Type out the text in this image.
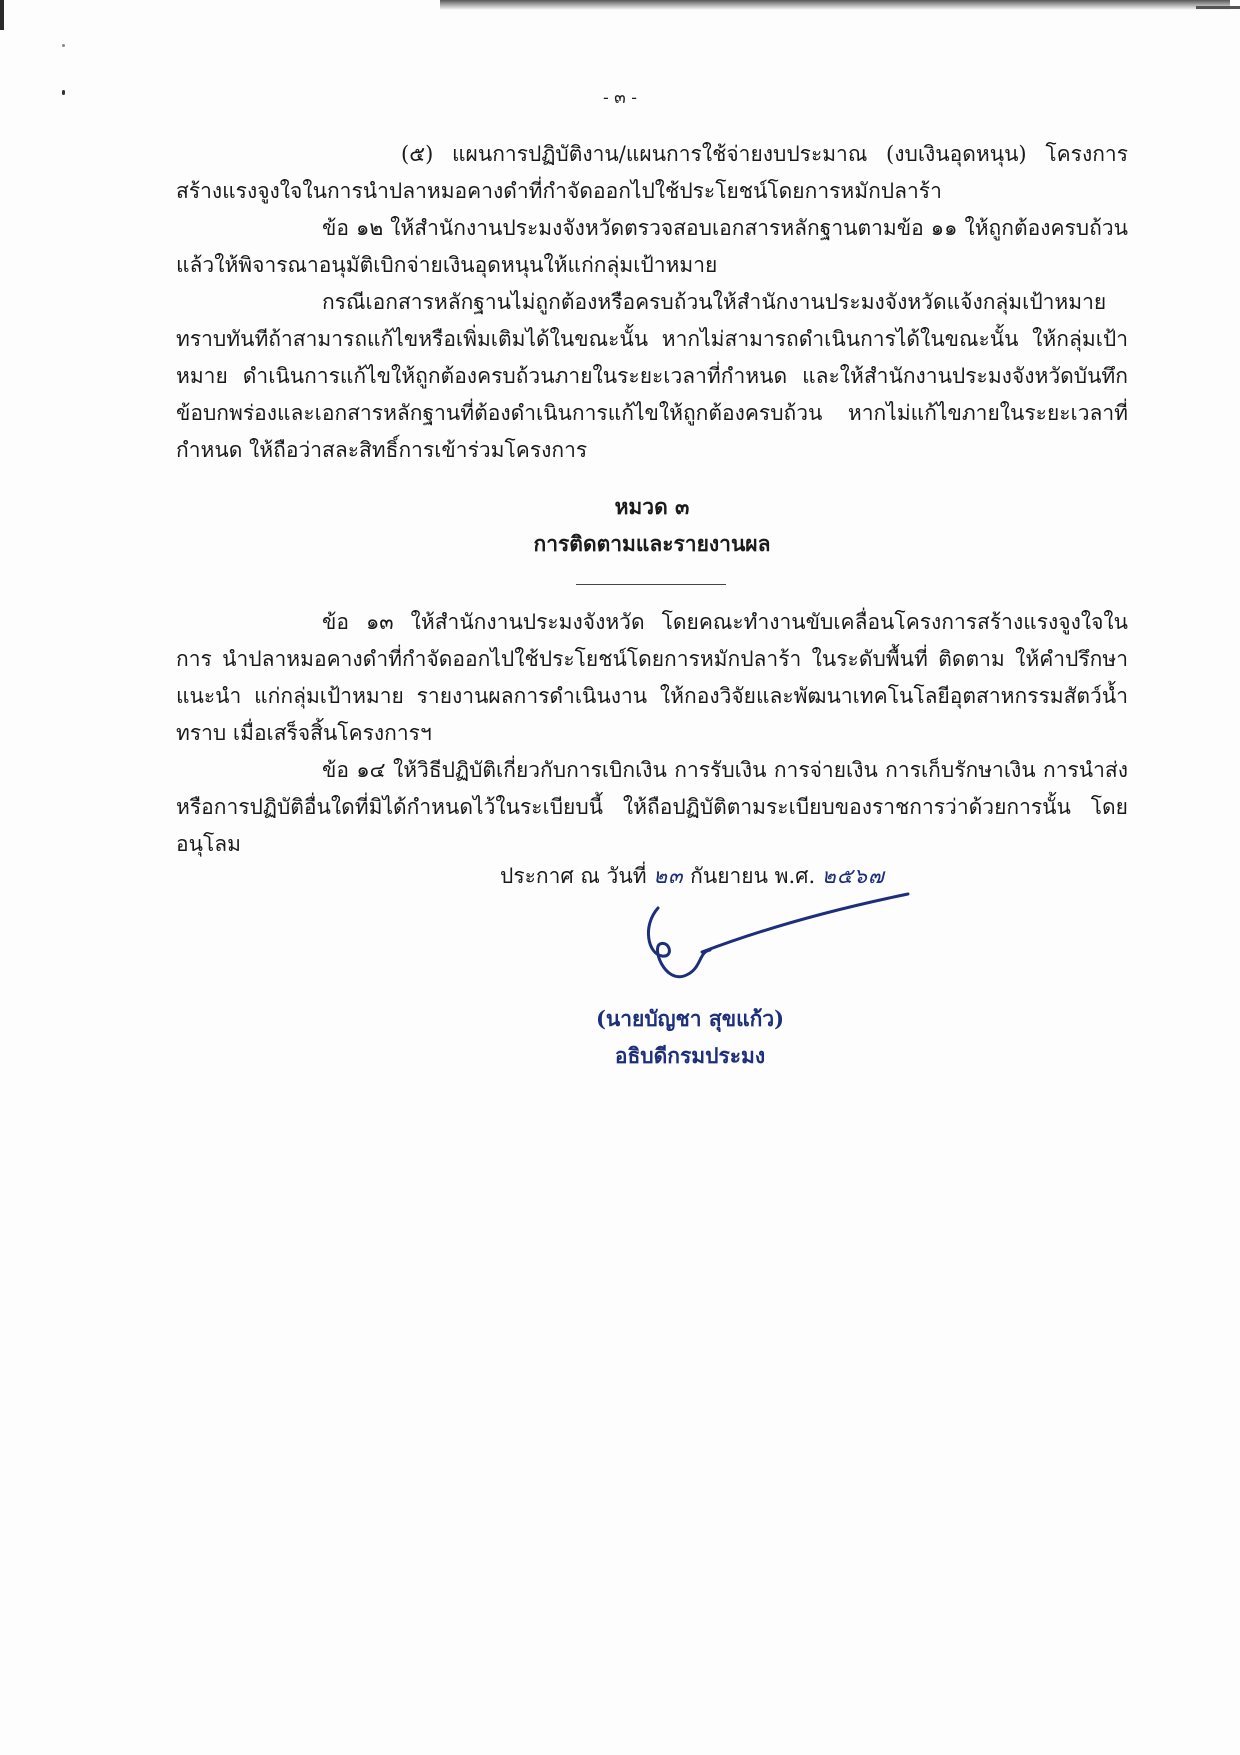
- ๓ -

(๕) แผนการปฏิบัติงาน/แผนการใช้จ่ายงบประมาณ (งบเงินอุดหนุน) โครงการสร้างแรงจูงใจในการนำปลาหมอคางดำที่กำจัดออกไปใช้ประโยชน์โดยการหมักปลาร้า

ข้อ ๑๒ ให้สำนักงานประมงจังหวัดตรวจสอบเอกสารหลักฐานตามข้อ ๑๑ ให้ถูกต้องครบถ้วน แล้วให้พิจารณาอนุมัติเบิกจ่ายเงินอุดหนุนให้แก่กลุ่มเป้าหมาย

กรณีเอกสารหลักฐานไม่ถูกต้องหรือครบถ้วนให้สำนักงานประมงจังหวัดแจ้งกลุ่มเป้าหมาย ทราบทันทีถ้าสามารถแก้ไขหรือเพิ่มเติมได้ในขณะนั้น หากไม่สามารถดำเนินการได้ในขณะนั้น ให้กลุ่มเป้าหมาย ดำเนินการแก้ไขให้ถูกต้องครบถ้วนภายในระยะเวลาที่กำหนด และให้สำนักงานประมงจังหวัดบันทึก ข้อบกพร่องและเอกสารหลักฐานที่ต้องดำเนินการแก้ไขให้ถูกต้องครบถ้วน หากไม่แก้ไขภายในระยะเวลาที่กำหนด ให้ถือว่าสละสิทธิ์การเข้าร่วมโครงการ

หมวด ๓
การติดตามและรายงานผล

ข้อ ๑๓ ให้สำนักงานประมงจังหวัด โดยคณะทำงานขับเคลื่อนโครงการสร้างแรงจูงใจในการ นำปลาหมอคางดำที่กำจัดออกไปใช้ประโยชน์โดยการหมักปลาร้า ในระดับพื้นที่ ติดตาม ให้คำปรึกษา แนะนำ แก่กลุ่มเป้าหมาย รายงานผลการดำเนินงาน ให้กองวิจัยและพัฒนาเทคโนโลยีอุตสาหกรรมสัตว์น้ำทราบ เมื่อเสร็จสิ้นโครงการฯ

ข้อ ๑๔ ให้วิธีปฏิบัติเกี่ยวกับการเบิกเงิน การรับเงิน การจ่ายเงิน การเก็บรักษาเงิน การนำส่ง หรือการปฏิบัติอื่นใดที่มิได้กำหนดไว้ในระเบียบนี้ ให้ถือปฏิบัติตามระเบียบของราชการว่าด้วยการนั้น โดยอนุโลม

ประกาศ ณ วันที่ ๒๓ กันยายน พ.ศ. ๒๕๖๗
(นายบัญชา สุขแก้ว)
อธิบดีกรมประมง
